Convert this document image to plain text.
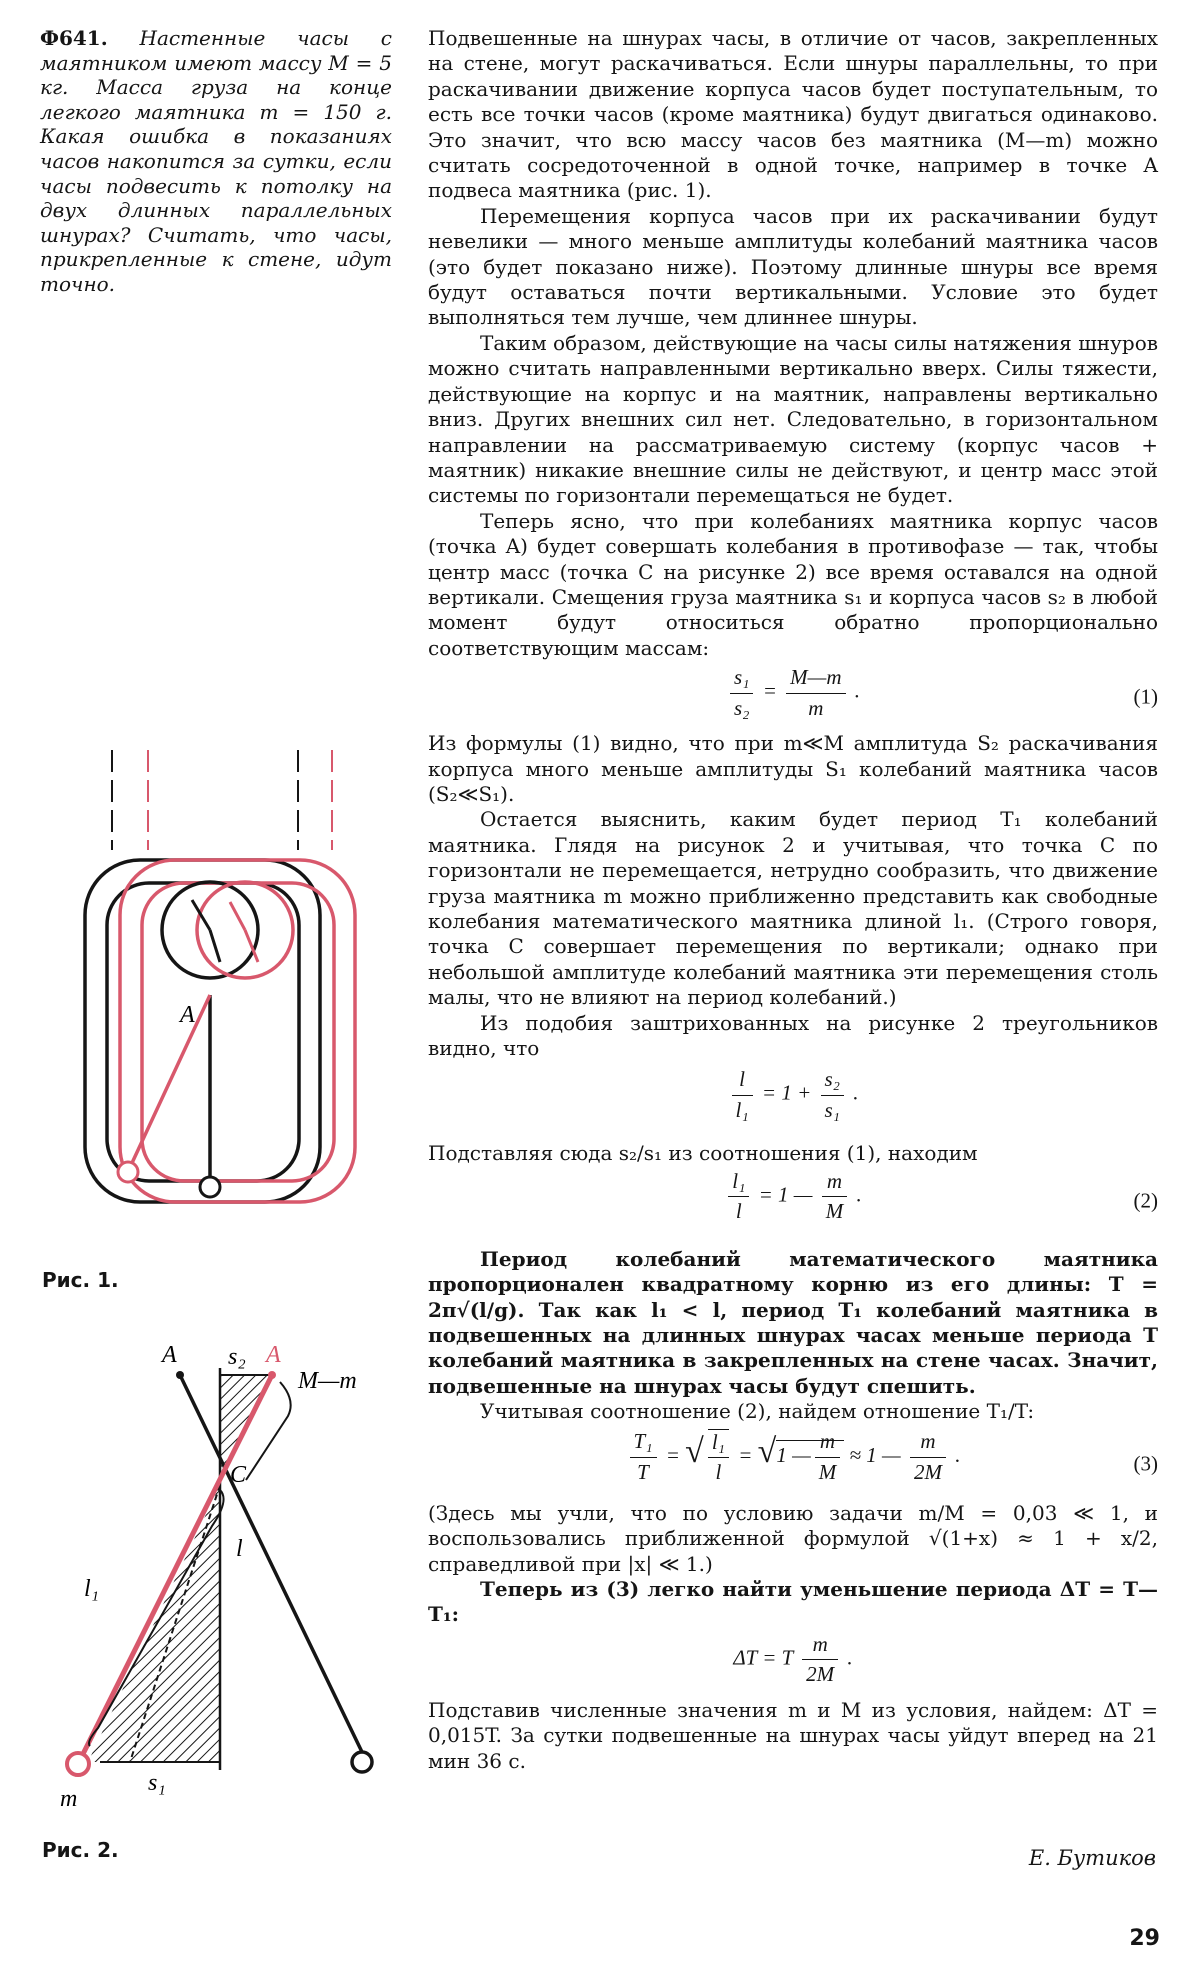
Ф641. Настенные часы с маятником имеют массу M = 5 кг. Масса груза на конце легкого маятника m = 150 г. Какая ошибка в показаниях часов накопится за сутки, если часы подвесить к потолку на двух длинных параллельных шнурах? Считать, что часы, прикрепленные к стене, идут точно.
A
Рис. 1.
A	A
s₂
M—m
C
l
l₁
m
s₁
Рис. 2.

Подвешенные на шнурах часы, в отличие от часов, закрепленных на стене, могут раскачиваться. Если шнуры параллельны, то при раскачивании движение корпуса часов будет поступательным, то есть все точки часов (кроме маятника) будут двигаться одинаково. Это значит, что всю массу часов без маятника (M—m) можно считать сосредоточенной в одной точке, например в точке A подвеса маятника (рис. 1).

Перемещения корпуса часов при их раскачивании будут невелики — много меньше амплитуды колебаний маятника часов (это будет показано ниже). Поэтому длинные шнуры все время будут оставаться почти вертикальными. Условие это будет выполняться тем лучше, чем длиннее шнуры.

Таким образом, действующие на часы силы натяжения шнуров можно считать направленными вертикально вверх. Силы тяжести, действующие на корпус и на маятник, направлены вертикально вниз. Других внешних сил нет. Следовательно, в горизонтальном направлении на рассматриваемую систему (корпус часов + маятник) никакие внешние силы не действуют, и центр масс этой системы по горизонтали перемещаться не будет.

Теперь ясно, что при колебаниях маятника корпус часов (точка A) будет совершать колебания в противофазе — так, чтобы центр масс (точка C на рисунке 2) все время оставался на одной вертикали. Смещения груза маятника s₁ и корпуса часов s₂ в любой момент будут относиться обратно пропорционально соответствующим массам:

$\frac{\text{s₁}}{\text{s₂}} = \frac{M—m}{m}$ .	(1)

Из формулы (1) видно, что при m≪M амплитуда S₂ раскачивания корпуса много меньше амплитуды S₁ колебаний маятника часов (S₂≪S₁).

Остается выяснить, каким будет период T₁ колебаний маятника. Глядя на рисунок 2 и учитывая, что точка C по горизонтали не перемещается, нетрудно сообразить, что движение груза маятника m можно приближенно представить как свободные колебания математического маятника длиной l₁. (Строго говоря, точка C совершает перемещения по вертикали; однако при небольшой амплитуде колебаний маятника эти перемещения столь малы, что не влияют на период колебаний.)

Из подобия заштрихованных на рисунке 2 треугольников видно, что

$\frac{l}{\text{l₁}} = 1 + \frac{\text{s₂}}{\text{s₁}}$ .

Подставляя сюда s₂/s₁ из соотношения (1), находим

$\frac{\text{l₁}}{l} = 1$ — $\frac{m}{M}$ .	(2)

Период колебаний математического маятника пропорционален квадратному корню из его длины: T = 2π√(l/g). Так как l₁ < l, период T₁ колебаний маятника в подвешенных на длинных шнурах часах меньше периода T колебаний маятника в закрепленных на стене часах. Значит, подвешенные на шнурах часы будут спешить.

Учитывая соотношение (2), найдем отношение T₁/T:

$\frac{\text{T₁}}{T}$ = √ $\frac{\text{l₁}}{l} = √1$ — $\frac{m}{M} \approx 1$ — $\frac{m}{2M}$ .	(3)

(Здесь мы учли, что по условию задачи m/M = 0,03 ≪ 1, и воспользовались приближенной формулой √(1+x) ≈ 1 + x/2, справедливой при |x| ≪ 1.)

Теперь из (3) легко найти уменьшение периода ΔT = T—T₁:

ΔT = T $\frac{m}{2M}$ .

Подставив численные значения m и M из условия, найдем: ΔT = 0,015T. За сутки подвешенные на шнурах часы уйдут вперед на 21 мин 36 с.

Е. Бутиков
29
